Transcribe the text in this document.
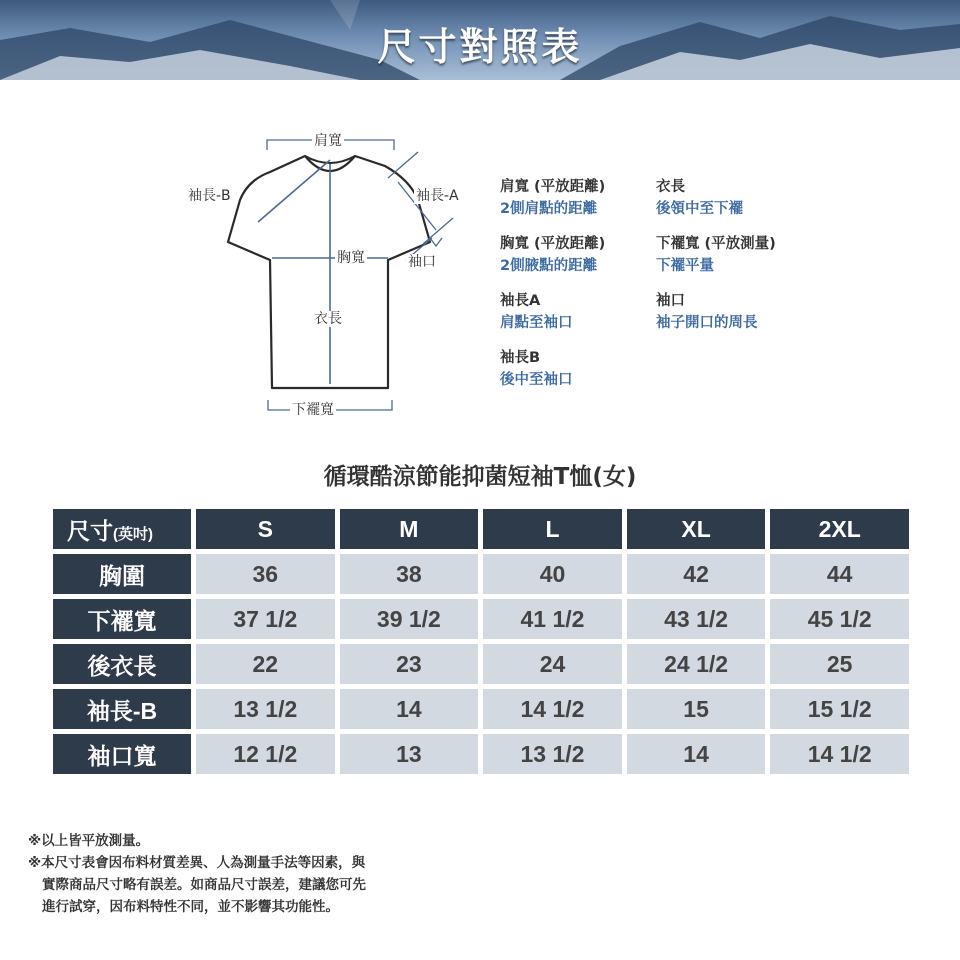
尺寸對照表
肩寬
袖長-B	袖長-A
胸寬	袖口
衣長
下襬寬
肩寬 (平放距離)
2側肩點的距離
衣長
後領中至下襬
胸寬 (平放距離)
2側腋點的距離
下襬寬 (平放測量)
下襬平量
袖長A
肩點至袖口
袖口
袖子開口的周長
袖長B
後中至袖口
循環酷涼節能抑菌短袖T恤(女)
尺寸(英吋)	S	M	L	XL	2XL
胸圍	36	38	40	42	44
下襬寬	37 1/2	39 1/2	41 1/2	43 1/2	45 1/2
後衣長	22	23	24	24 1/2	25
袖長-B	13 1/2	14	14 1/2	15	15 1/2
袖口寬	12 1/2	13	13 1/2	14	14 1/2
※以上皆平放測量。
※本尺寸表會因布料材質差異、人為測量手法等因素，與
實際商品尺寸略有誤差。如商品尺寸誤差，建議您可先
進行試穿，因布料特性不同，並不影響其功能性。
